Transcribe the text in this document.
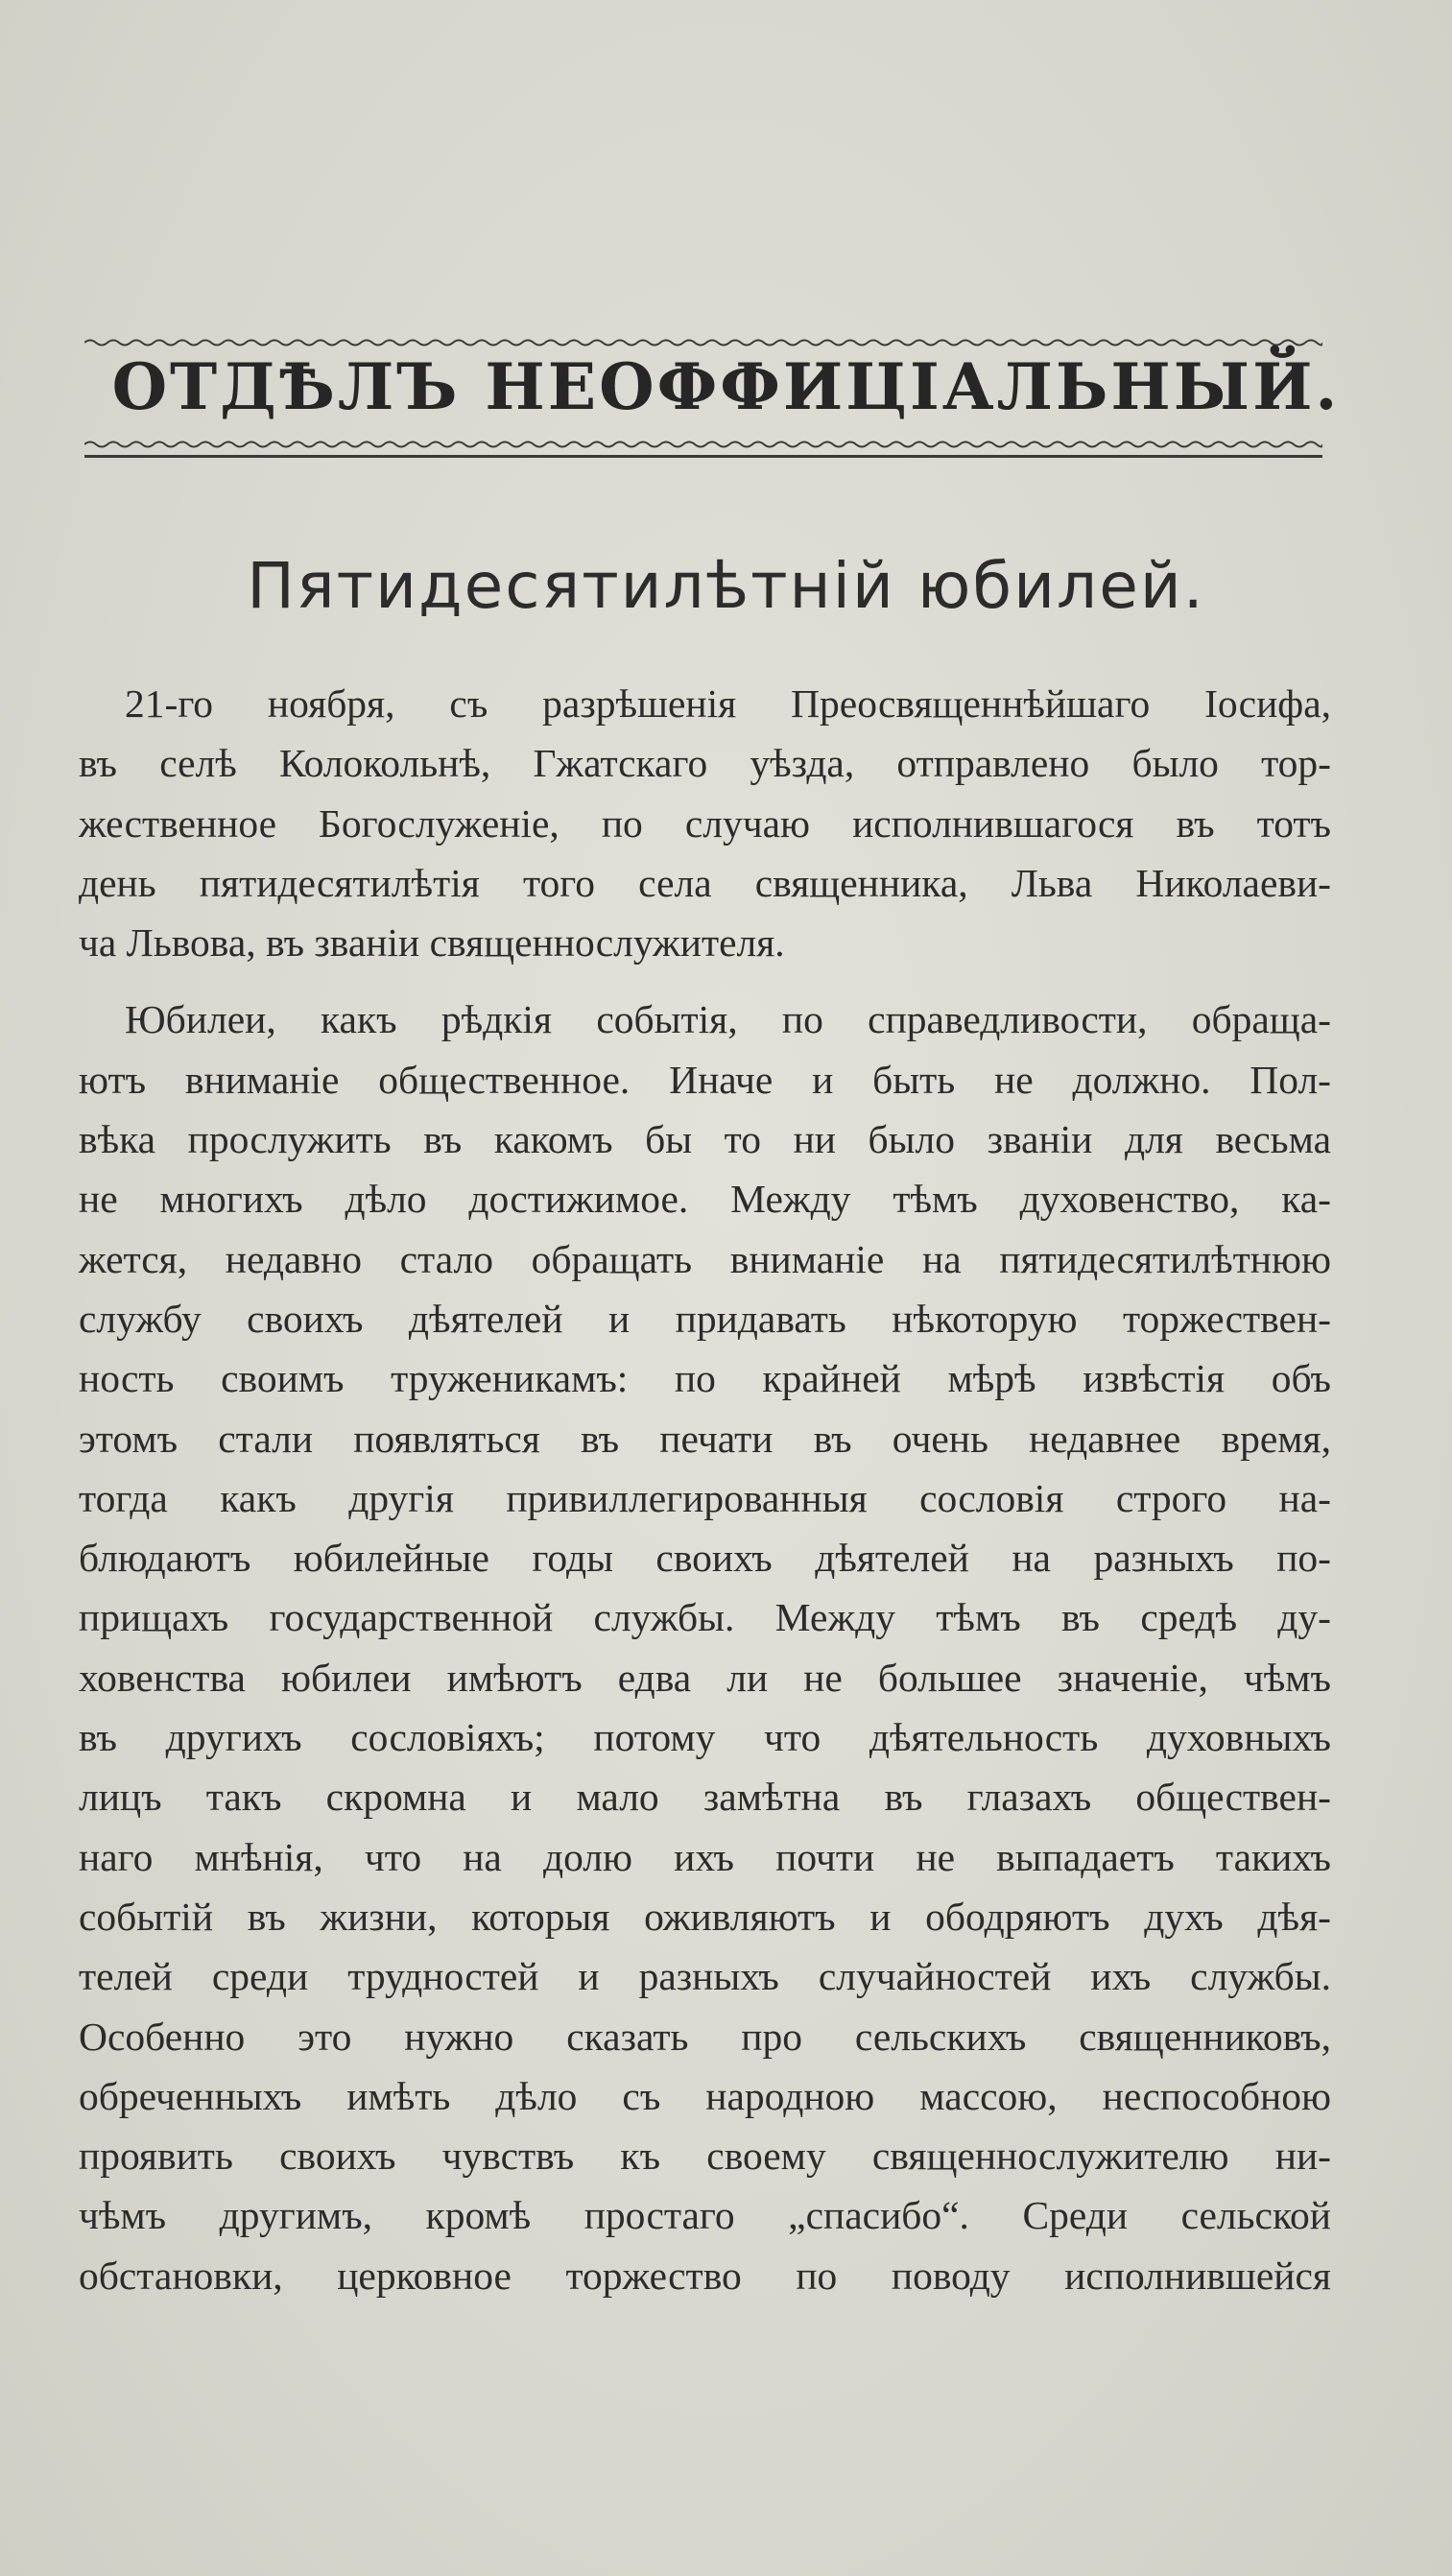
ОТДѢЛЪ НЕОФФИЦІАЛЬНЫЙ.
Пятидесятилѣтній юбилей.
21-го ноября, съ разрѣшенія Преосвященнѣйшаго Іосифа,
въ селѣ Колокольнѣ, Гжатскаго уѣзда, отправлено было тор-
жественное Богослуженіе, по случаю исполнившагося въ тотъ
день пятидесятилѣтія того села священника, Льва Николаеви-
ча Львова, въ званіи священнослужителя.
Юбилеи, какъ рѣдкія событія, по справедливости, обраща-
ютъ вниманіе общественное. Иначе и быть не должно. Пол-
вѣка прослужить въ какомъ бы то ни было званіи для весьма
не многихъ дѣло достижимое. Между тѣмъ духовенство, ка-
жется, недавно стало обращать вниманіе на пятидесятилѣтнюю
службу своихъ дѣятелей и придавать нѣкоторую торжествен-
ность своимъ труженикамъ: по крайней мѣрѣ извѣстія объ
этомъ стали появляться въ печати въ очень недавнее время,
тогда какъ другія привиллегированныя сословія строго на-
блюдаютъ юбилейные годы своихъ дѣятелей на разныхъ по-
прищахъ государственной службы. Между тѣмъ въ средѣ ду-
ховенства юбилеи имѣютъ едва ли не большее значеніе, чѣмъ
въ другихъ сословіяхъ; потому что дѣятельность духовныхъ
лицъ такъ скромна и мало замѣтна въ глазахъ обществен-
наго мнѣнія, что на долю ихъ почти не выпадаетъ такихъ
событій въ жизни, которыя оживляютъ и ободряютъ духъ дѣя-
телей среди трудностей и разныхъ случайностей ихъ службы.
Особенно это нужно сказать про сельскихъ священниковъ,
обреченныхъ имѣть дѣло съ народною массою, неспособною
проявить своихъ чувствъ къ своему священнослужителю ни-
чѣмъ другимъ, кромѣ простаго „спасибо“. Среди сельской
обстановки, церковное торжество по поводу исполнившейся
